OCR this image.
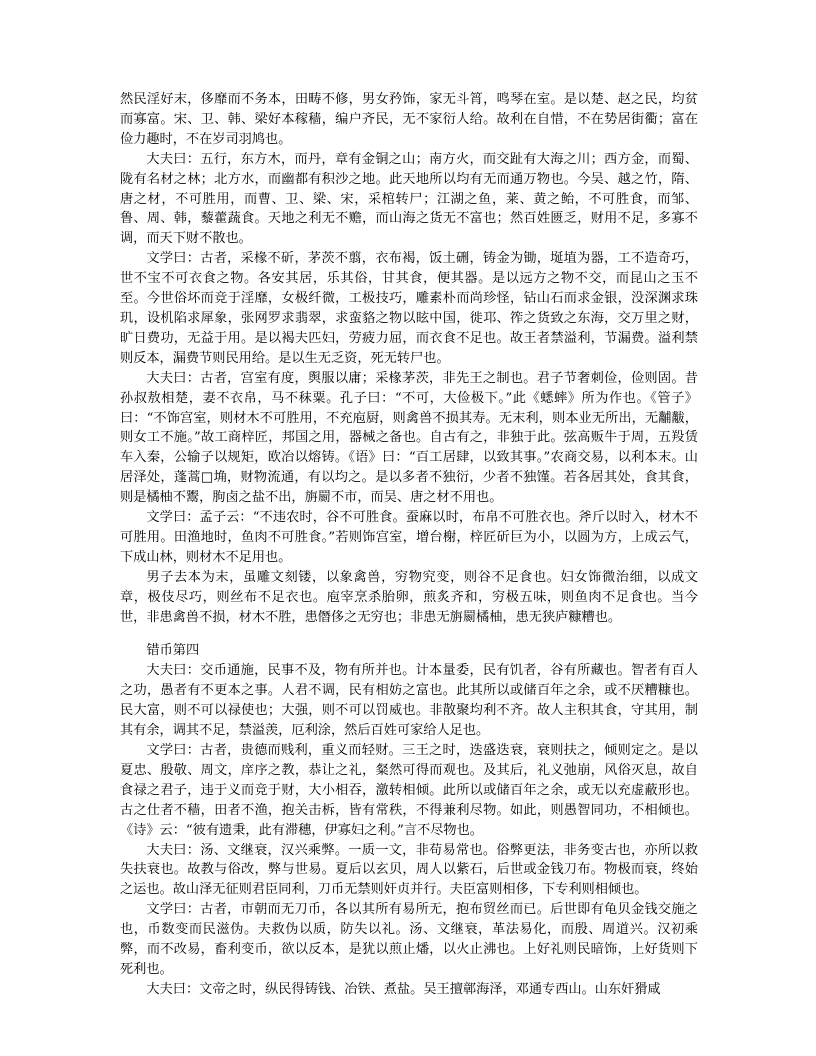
然民淫好末，侈靡而不务本，田畴不修，男女矜饰，家无斗筲，鸣琴在室。是以楚、赵之民，均贫而寡富。宋、卫、韩、梁好本稼穑，编户齐民，无不家衍人给。故利在自惜，不在势居街衢；富在俭力趣时，不在岁司羽鸠也。

大夫曰：五行，东方木，而丹，章有金铜之山；南方火，而交趾有大海之川；西方金，而蜀、陇有名材之林；北方水，而幽都有积沙之地。此天地所以均有无而通万物也。今吴、越之竹，隋、唐之材，不可胜用，而曹、卫、梁、宋，采棺转尸；江湖之鱼，莱、黄之鲐，不可胜食，而邹、鲁、周、韩，藜藿蔬食。天地之利无不赡，而山海之货无不富也；然百姓匮乏，财用不足，多寡不调，而天下财不散也。

文学曰：古者，采椽不斫，茅茨不翦，衣布褐，饭土硎，铸金为锄，埏埴为器，工不造奇巧，世不宝不可衣食之物。各安其居，乐其俗，甘其食，便其器。是以远方之物不交，而昆山之玉不至。今世俗坏而竞于淫靡，女极纤微，工极技巧，雕素朴而尚珍怪，钻山石而求金银，没深渊求珠玑，设机陷求犀象，张网罗求翡翠，求蛮貉之物以眩中国，徙邛、筰之货致之东海，交万里之财，旷日费功，无益于用。是以褐夫匹妇，劳疲力屈，而衣食不足也。故王者禁溢利，节漏费。溢利禁则反本，漏费节则民用给。是以生无乏资，死无转尸也。

大夫曰：古者，宫室有度，舆服以庸；采椽茅茨，非先王之制也。君子节奢刺俭，俭则固。昔孙叔敖相楚，妻不衣帛，马不秣粟。孔子曰：“不可，大俭极下。”此《蟋蟀》所为作也。《管子》曰：“不饰宫室，则材木不可胜用，不充庖厨，则禽兽不损其寿。无末利，则本业无所出，无黼黻，则女工不施。”故工商梓匠，邦国之用，器械之备也。自古有之，非独于此。弦高贩牛于周，五羖赁车入秦，公输子以规矩，欧冶以熔铸。《语》曰：“百工居肆，以致其事。”农商交易，以利本末。山居泽处，蓬蒿□埆，财物流通，有以均之。是以多者不独衍，少者不独馑。若各居其处，食其食，则是橘柚不鬻，朐卤之盐不出，旃罽不市，而吴、唐之材不用也。

文学曰：孟子云：“不违农时，谷不可胜食。蚕麻以时，布帛不可胜衣也。斧斤以时入，材木不可胜用。田渔地时，鱼肉不可胜食。”若则饰宫室，增台榭，梓匠斫巨为小，以圆为方，上成云气，下成山林，则材木不足用也。

男子去本为末，虽雕文刻镂，以象禽兽，穷物究变，则谷不足食也。妇女饰微治细，以成文章，极伎尽巧，则丝布不足衣也。庖宰烹杀胎卵，煎炙齐和，穷极五味，则鱼肉不足食也。当今世，非患禽兽不损，材木不胜，患僭侈之无穷也；非患无旃罽橘柚，患无狭庐糠糟也。

错币第四

大夫曰：交币通施，民事不及，物有所并也。计本量委，民有饥者，谷有所藏也。智者有百人之功，愚者有不更本之事。人君不调，民有相妨之富也。此其所以或储百年之余，或不厌糟糠也。民大富，则不可以禄使也；大强，则不可以罚威也。非散聚均利不齐。故人主积其食，守其用，制其有余，调其不足，禁溢羡，厄利涂，然后百姓可家给人足也。

文学曰：古者，贵德而贱利，重义而轻财。三王之时，迭盛迭衰，衰则扶之，倾则定之。是以夏忠、殷敬、周文，庠序之教，恭让之礼，粲然可得而观也。及其后，礼义弛崩，风俗灭息，故自食禄之君子，违于义而竞于财，大小相吞，激转相倾。此所以或储百年之余，或无以充虚蔽形也。古之仕者不穑，田者不渔，抱关击柝，皆有常秩，不得兼利尽物。如此，则愚智同功，不相倾也。《诗》云：“彼有遗秉，此有滞穗，伊寡妇之利。”言不尽物也。

大夫曰：汤、文继衰，汉兴乘弊。一质一文，非苟易常也。俗弊更法，非务变古也，亦所以救失扶衰也。故教与俗改，弊与世易。夏后以玄贝，周人以紫石，后世或金钱刀布。物极而衰，终始之运也。故山泽无征则君臣同利，刀币无禁则奸贞并行。夫臣富则相侈，下专利则相倾也。

文学曰：古者，市朝而无刀币，各以其所有易所无，抱布贸丝而已。后世即有龟贝金钱交施之也，币数变而民滋伪。夫救伪以质，防失以礼。汤、文继衰，革法易化，而殷、周道兴。汉初乘弊，而不改易，畜利变币，欲以反本，是犹以煎止燔，以火止沸也。上好礼则民暗饰，上好货则下死利也。

大夫曰：文帝之时，纵民得铸钱、冶铁、煮盐。吴王擅鄣海泽，邓通专西山。山东奸猾咸
